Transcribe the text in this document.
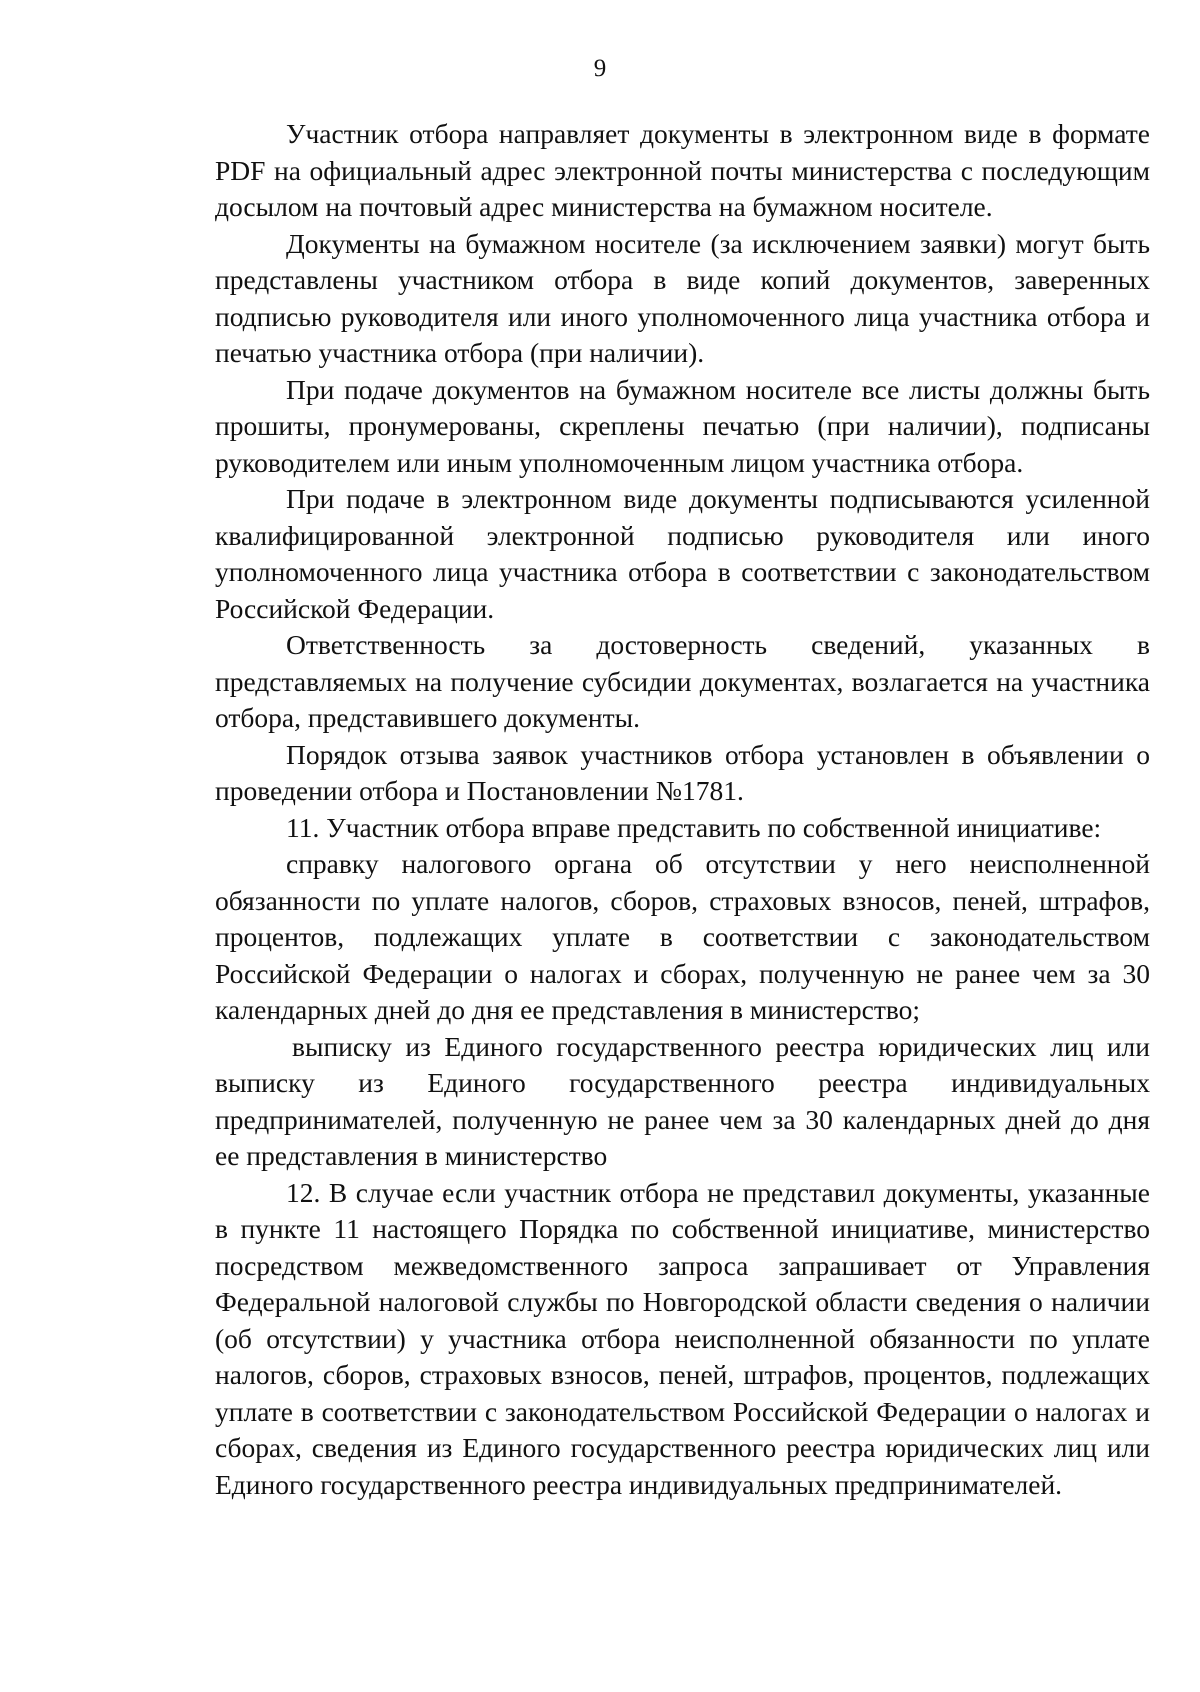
9

Участник отбора направляет документы в электронном виде в формате PDF на официальный адрес электронной почты министерства с последующим досылом на почтовый адрес министерства на бумажном носителе.

Документы на бумажном носителе (за исключением заявки) могут быть представлены участником отбора в виде копий документов, заверенных подписью руководителя или иного уполномоченного лица участника отбора и печатью участника отбора (при наличии).

При подаче документов на бумажном носителе все листы должны быть прошиты, пронумерованы, скреплены печатью (при наличии), подписаны руководителем или иным уполномоченным лицом участника отбора.

При подаче в электронном виде документы подписываются усиленной квалифицированной электронной подписью руководителя или иного уполномоченного лица участника отбора в соответствии с законодательством Российской Федерации.

Ответственность за достоверность сведений, указанных в представляемых на получение субсидии документах, возлагается на участника отбора, представившего документы.

Порядок отзыва заявок участников отбора установлен в объявлении о проведении отбора и Постановлении №1781.

11. Участник отбора вправе представить по собственной инициативе:

справку налогового органа об отсутствии у него неисполненной обязанности по уплате налогов, сборов, страховых взносов, пеней, штрафов, процентов, подлежащих уплате в соответствии с законодательством Российской Федерации о налогах и сборах, полученную не ранее чем за 30 календарных дней до дня ее представления в министерство;

выписку из Единого государственного реестра юридических лиц или выписку из Единого государственного реестра индивидуальных предпринимателей, полученную не ранее чем за 30 календарных дней до дня ее представления в министерство

12. В случае если участник отбора не представил документы, указанные в пункте 11 настоящего Порядка по собственной инициативе, министерство посредством межведомственного запроса запрашивает от Управления Федеральной налоговой службы по Новгородской области сведения о наличии (об отсутствии) у участника отбора неисполненной обязанности по уплате налогов, сборов, страховых взносов, пеней, штрафов, процентов, подлежащих уплате в соответствии с законодательством Российской Федерации о налогах и сборах, сведения из Единого государственного реестра юридических лиц или Единого государственного реестра индивидуальных предпринимателей.
